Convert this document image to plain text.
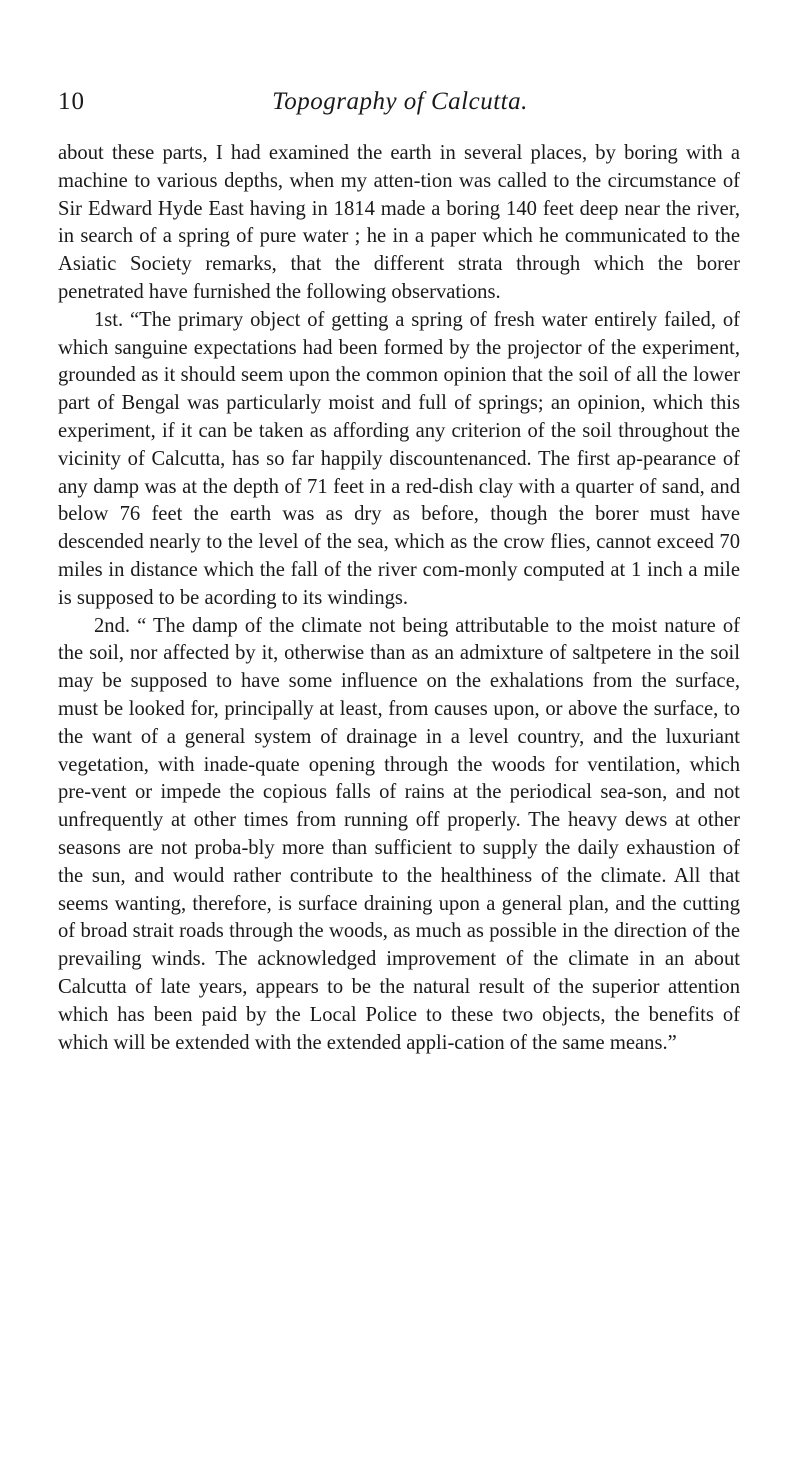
10	Topography of Calcutta.

about these parts, I had examined the earth in several places, by boring with a machine to various depths, when my atten-tion was called to the circumstance of Sir Edward Hyde East having in 1814 made a boring 140 feet deep near the river, in search of a spring of pure water ; he in a paper which he communicated to the Asiatic Society remarks, that the different strata through which the borer penetrated have furnished the following observations.

1st. “The primary object of getting a spring of fresh water entirely failed, of which sanguine expectations had been formed by the projector of the experiment, grounded as it should seem upon the common opinion that the soil of all the lower part of Bengal was particularly moist and full of springs; an opinion, which this experiment, if it can be taken as affording any criterion of the soil throughout the vicinity of Calcutta, has so far happily discountenanced. The first ap-pearance of any damp was at the depth of 71 feet in a red-dish clay with a quarter of sand, and below 76 feet the earth was as dry as before, though the borer must have descended nearly to the level of the sea, which as the crow flies, cannot exceed 70 miles in distance which the fall of the river com-monly computed at 1 inch a mile is supposed to be acording to its windings.

2nd. “ The damp of the climate not being attributable to the moist nature of the soil, nor affected by it, otherwise than as an admixture of saltpetere in the soil may be supposed to have some influence on the exhalations from the surface, must be looked for, principally at least, from causes upon, or above the surface, to the want of a general system of drainage in a level country, and the luxuriant vegetation, with inade-quate opening through the woods for ventilation, which pre-vent or impede the copious falls of rains at the periodical sea-son, and not unfrequently at other times from running off properly. The heavy dews at other seasons are not proba-bly more than sufficient to supply the daily exhaustion of the sun, and would rather contribute to the healthiness of the climate. All that seems wanting, therefore, is surface draining upon a general plan, and the cutting of broad strait roads through the woods, as much as possible in the direction of the prevailing winds. The acknowledged improvement of the climate in an about Calcutta of late years, appears to be the natural result of the superior attention which has been paid by the Local Police to these two objects, the benefits of which will be extended with the extended appli-cation of the same means.”
